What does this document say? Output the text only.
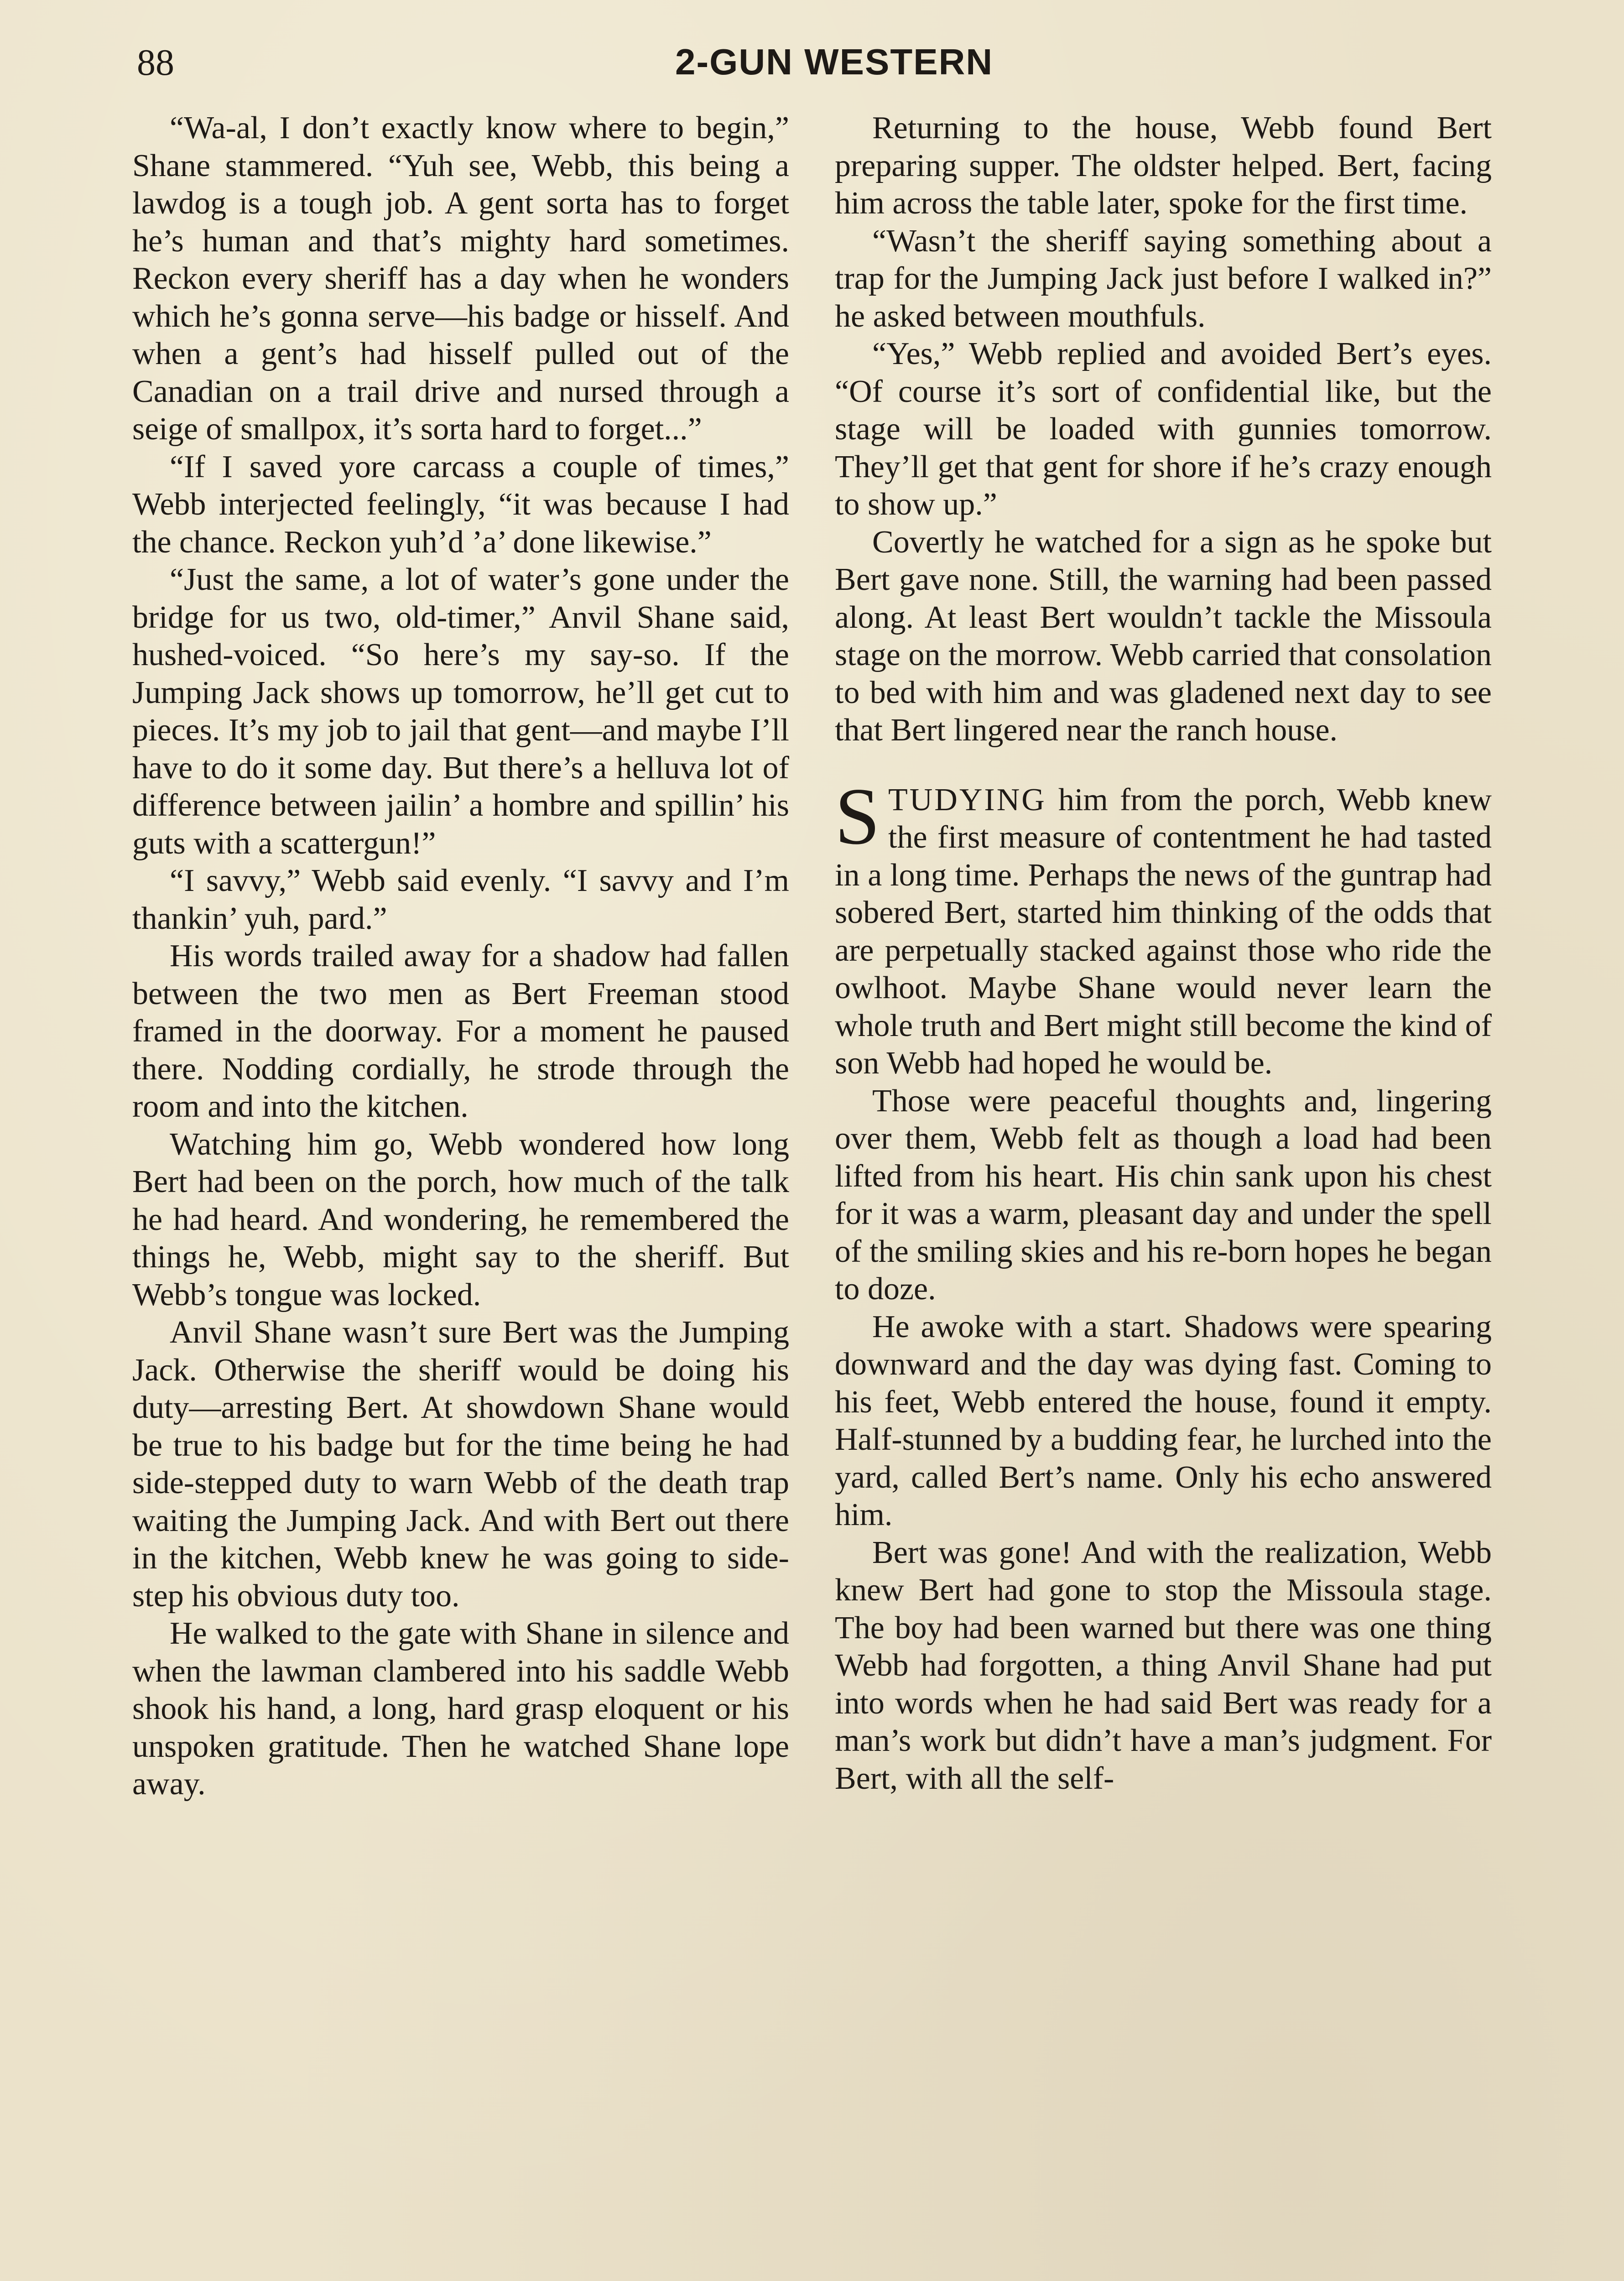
88	2-GUN WESTERN

“Wa-al, I don’t exactly know where to begin,” Shane stammered. “Yuh see, Webb, this being a lawdog is a tough job. A gent sorta has to forget he’s human and that’s mighty hard sometimes. Reckon every sheriff has a day when he wonders which he’s gonna serve—his badge or hisself. And when a gent’s had hisself pulled out of the Canadian on a trail drive and nursed through a seige of smallpox, it’s sorta hard to forget...”

“If I saved yore carcass a couple of times,” Webb interjected feelingly, “it was because I had the chance. Reckon yuh’d ’a’ done likewise.”

“Just the same, a lot of water’s gone under the bridge for us two, old-timer,” Anvil Shane said, hushed-voiced. “So here’s my say-so. If the Jumping Jack shows up tomorrow, he’ll get cut to pieces. It’s my job to jail that gent—and maybe I’ll have to do it some day. But there’s a helluva lot of difference between jailin’ a hombre and spillin’ his guts with a scattergun!”

“I savvy,” Webb said evenly. “I savvy and I’m thankin’ yuh, pard.”

His words trailed away for a shadow had fallen between the two men as Bert Freeman stood framed in the doorway. For a moment he paused there. Nodding cordially, he strode through the room and into the kitchen.

Watching him go, Webb wondered how long Bert had been on the porch, how much of the talk he had heard. And wondering, he remembered the things he, Webb, might say to the sheriff. But Webb’s tongue was locked.

Anvil Shane wasn’t sure Bert was the Jumping Jack. Otherwise the sheriff would be doing his duty—arresting Bert. At showdown Shane would be true to his badge but for the time being he had side-stepped duty to warn Webb of the death trap waiting the Jumping Jack. And with Bert out there in the kitchen, Webb knew he was going to side-step his obvious duty too.

He walked to the gate with Shane in silence and when the lawman clambered into his saddle Webb shook his hand, a long, hard grasp eloquent or his unspoken gratitude. Then he watched Shane lope away.

Returning to the house, Webb found Bert preparing supper. The oldster helped. Bert, facing him across the table later, spoke for the first time.

“Wasn’t the sheriff saying something about a trap for the Jumping Jack just before I walked in?” he asked between mouthfuls.

“Yes,” Webb replied and avoided Bert’s eyes. “Of course it’s sort of confidential like, but the stage will be loaded with gunnies tomorrow. They’ll get that gent for shore if he’s crazy enough to show up.”

Covertly he watched for a sign as he spoke but Bert gave none. Still, the warning had been passed along. At least Bert wouldn’t tackle the Missoula stage on the morrow. Webb carried that consolation to bed with him and was gladened next day to see that Bert lingered near the ranch house.

STUDYING him from the porch, Webb knew the first measure of contentment he had tasted in a long time. Perhaps the news of the guntrap had sobered Bert, started him thinking of the odds that are perpetually stacked against those who ride the owlhoot. Maybe Shane would never learn the whole truth and Bert might still become the kind of son Webb had hoped he would be.

Those were peaceful thoughts and, lingering over them, Webb felt as though a load had been lifted from his heart. His chin sank upon his chest for it was a warm, pleasant day and under the spell of the smiling skies and his re-born hopes he began to doze.

He awoke with a start. Shadows were spearing downward and the day was dying fast. Coming to his feet, Webb entered the house, found it empty. Half-stunned by a budding fear, he lurched into the yard, called Bert’s name. Only his echo answered him.

Bert was gone! And with the realization, Webb knew Bert had gone to stop the Missoula stage. The boy had been warned but there was one thing Webb had forgotten, a thing Anvil Shane had put into words when he had said Bert was ready for a man’s work but didn’t have a man’s judgment. For Bert, with all the self-
